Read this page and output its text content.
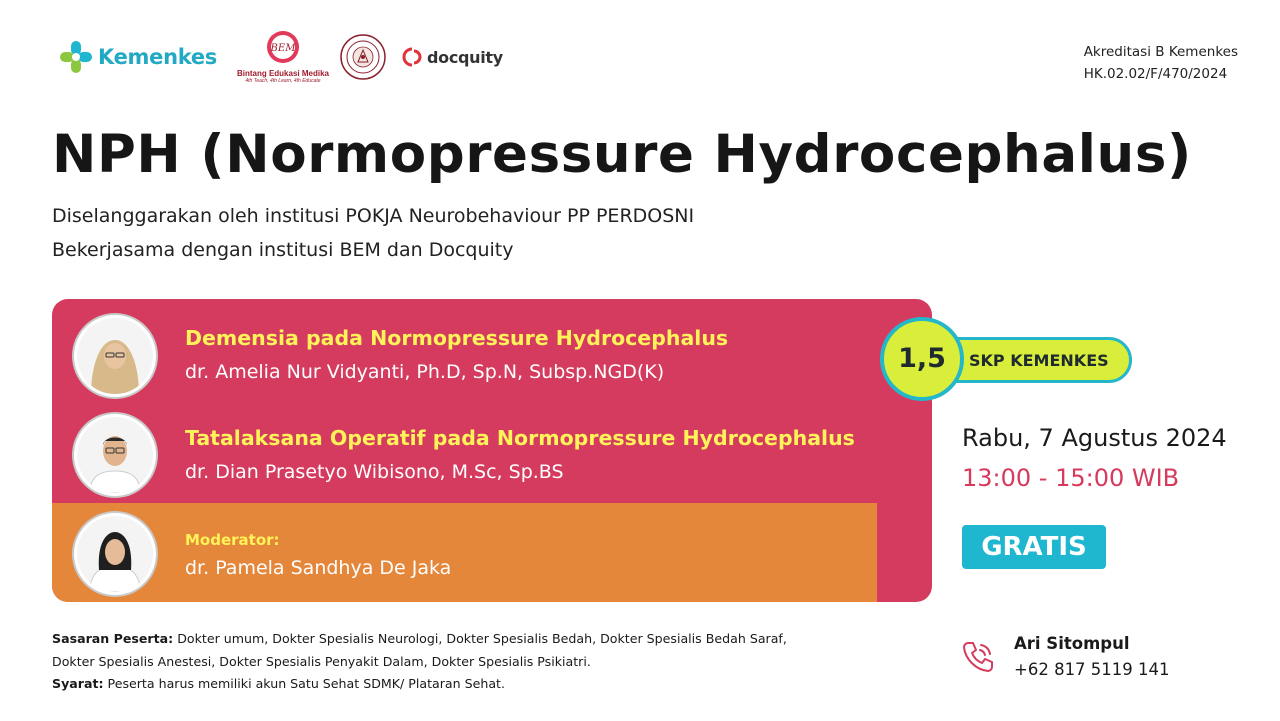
Kemenkes	BEM
Bintang Edukasi Medika
4th Teach, 4th Learn, 4th Educate
docquity	Akreditasi B Kemenkes
HK.02.02/F/470/2024
NPH (Normopressure Hydrocephalus)
Diselanggarakan oleh institusi POKJA Neurobehaviour PP PERDOSNI
Bekerjasama dengan institusi BEM dan Docquity
Demensia pada Normopressure Hydrocephalus
dr. Amelia Nur Vidyanti, Ph.D, Sp.N, Subsp.NGD(K)
Tatalaksana Operatif pada Normopressure Hydrocephalus
dr. Dian Prasetyo Wibisono, M.Sc, Sp.BS
Moderator:
dr. Pamela Sandhya De Jaka
SKP KEMENKES
1,5
Rabu, 7 Agustus 2024
13:00 - 15:00 WIB
GRATIS
Sasaran Peserta: Dokter umum, Dokter Spesialis Neurologi, Dokter Spesialis Bedah, Dokter Spesialis Bedah Saraf,
Dokter Spesialis Anestesi, Dokter Spesialis Penyakit Dalam, Dokter Spesialis Psikiatri.
Syarat: Peserta harus memiliki akun Satu Sehat SDMK/ Plataran Sehat.
Ari Sitompul
+62 817 5119 141
